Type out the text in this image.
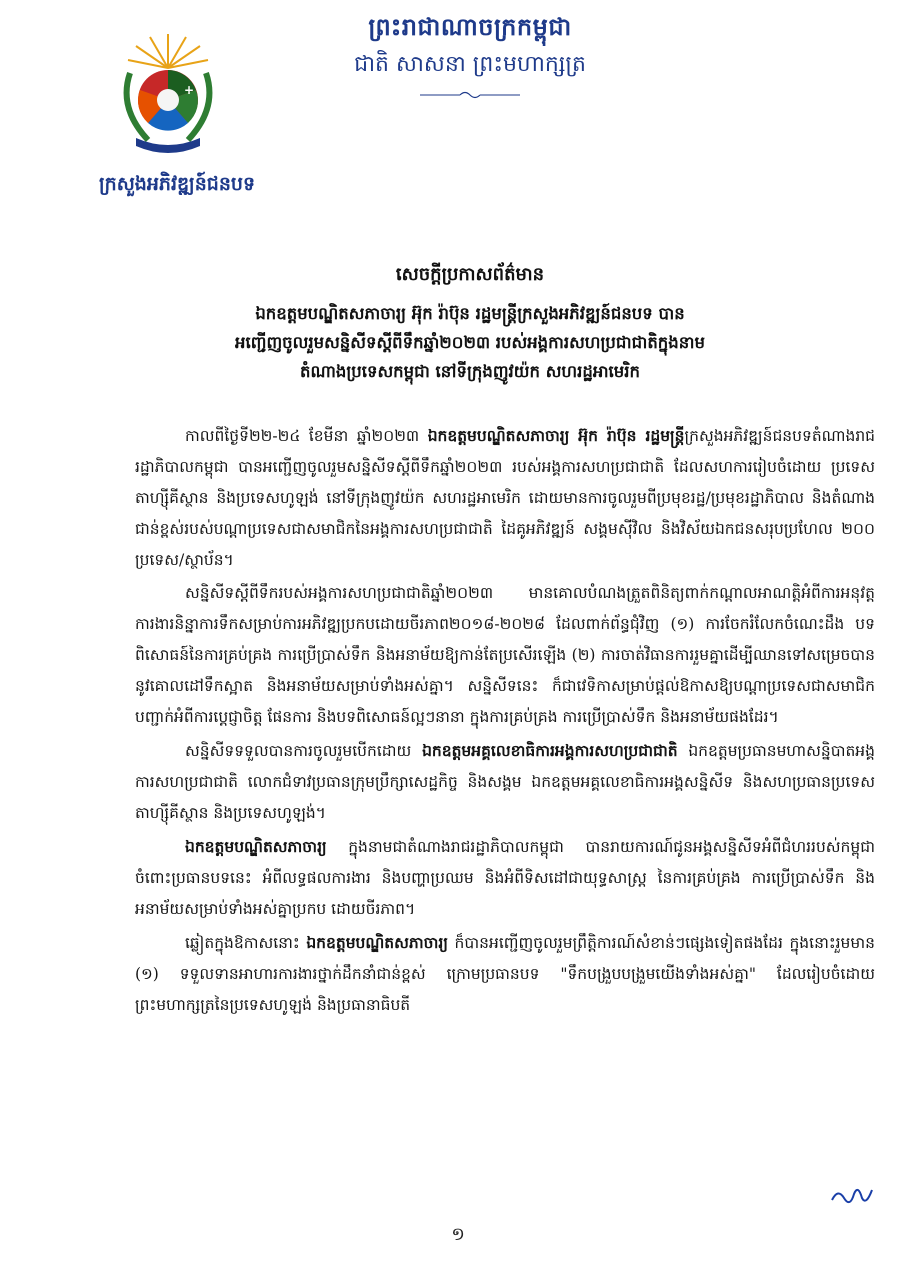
+
ព្រះរាជាណាចក្រកម្ពុជា
ជាតិ សាសនា ព្រះមហាក្សត្រ
ក្រសួងអភិវឌ្ឍន៍ជនបទ
សេចក្តីប្រកាសព័ត៌មាន
ឯកឧត្តមបណ្ឌិតសភាចារ្យ អ៊ុក រ៉ាប៊ុន រដ្ឋមន្ត្រីក្រសួងអភិវឌ្ឍន៍ជនបទ បាន
អញ្ជើញចូលរួមសន្និសីទស្តីពីទឹកឆ្នាំ២០២៣ របស់អង្គការសហប្រជាជាតិក្នុងនាម
តំណាងប្រទេសកម្ពុជា នៅទីក្រុងញូវយ៉ក សហរដ្ឋអាមេរិក

កាលពីថ្ងៃទី២២-២៤ ខែមីនា ឆ្នាំ២០២៣ ឯកឧត្តមបណ្ឌិតសភាចារ្យ អ៊ុក រ៉ាប៊ុន រដ្ឋមន្ត្រីក្រសួងអភិវឌ្ឍន៍ជនបទតំណាងរាជរដ្ឋាភិបាលកម្ពុជា បានអញ្ជើញចូលរួមសន្និសីទស្តីពីទឹកឆ្នាំ២០២៣ របស់អង្គការសហប្រជាជាតិ ដែលសហការរៀបចំដោយ ប្រទេសតាហ្ស៊ីគីស្ថាន និងប្រទេសហូឡង់ នៅទីក្រុងញូវយ៉ក សហរដ្ឋអាមេរិក ដោយមានការចូលរួមពីប្រមុខរដ្ឋ/ប្រមុខរដ្ឋាភិបាល និងតំណាងជាន់ខ្ពស់របស់បណ្តាប្រទេសជាសមាជិកនៃអង្គការសហប្រជាជាតិ ដៃគូអភិវឌ្ឍន៍ សង្គមស៊ីវិល និងវិស័យឯកជនសរុបប្រហែល ២០០ ប្រទេស/ស្ថាប័ន។

សន្និសីទស្តីពីទឹករបស់អង្គការសហប្រជាជាតិឆ្នាំ២០២៣ មានគោលបំណងត្រួតពិនិត្យពាក់កណ្តាលអាណត្តិអំពីការអនុវត្តការងារនិន្នាការទឹកសម្រាប់ការអភិវឌ្ឍប្រកបដោយចីរភាព២០១៨-២០២៨ ដែលពាក់ព័ន្ធជុំវិញ (១) ការចែករំលែកចំណេះដឹង បទពិសោធន៍នៃការគ្រប់គ្រង ការប្រើប្រាស់ទឹក និងអនាម័យឱ្យកាន់តែប្រសើរឡើង (២) ការចាត់វិធានការរួមគ្នាដើម្បីឈានទៅសម្រេចបាននូវគោលដៅទឹកស្អាត និងអនាម័យសម្រាប់ទាំងអស់គ្នា។ សន្និសីទនេះ ក៏ជាវេទិកាសម្រាប់ផ្តល់ឱកាសឱ្យបណ្តាប្រទេសជាសមាជិកបញ្ជាក់អំពីការប្តេជ្ញាចិត្ត ផែនការ និងបទពិសោធន៍ល្អៗនានា ក្នុងការគ្រប់គ្រង ការប្រើប្រាស់ទឹក និងអនាម័យផងដែរ។

សន្និសីទទទួលបានការចូលរួមបើកដោយ ឯកឧត្តមអគ្គលេខាធិការអង្គការសហប្រជាជាតិ ឯកឧត្តមប្រធានមហាសន្និបាតអង្គការសហប្រជាជាតិ លោកជំទាវប្រធានក្រុមប្រឹក្សាសេដ្ឋកិច្ច និងសង្គម ឯកឧត្តមអគ្គលេខាធិការអង្គសន្និសីទ និងសហប្រធានប្រទេសតាហ្ស៊ីគីស្ថាន និងប្រទេសហូឡង់។

ឯកឧត្តមបណ្ឌិតសភាចារ្យ ក្នុងនាមជាតំណាងរាជរដ្ឋាភិបាលកម្ពុជា បានរាយការណ៍ជូនអង្គសន្និសីទអំពីជំហររបស់កម្ពុជាចំពោះប្រធានបទនេះ អំពីលទ្ធផលការងារ និងបញ្ហាប្រឈម និងអំពីទិសដៅជាយុទ្ធសាស្ត្រ នៃការគ្រប់គ្រង ការប្រើប្រាស់ទឹក និងអនាម័យសម្រាប់ទាំងអស់គ្នាប្រកប ដោយចីរភាព។

ឆ្លៀតក្នុងឱកាសនោះ ឯកឧត្តមបណ្ឌិតសភាចារ្យ ក៏បានអញ្ជើញចូលរួមព្រឹត្តិការណ៍សំខាន់ៗផ្សេងទៀតផងដែរ ក្នុងនោះរួមមាន (១) ទទួលទានអាហារការងារថ្នាក់ដឹកនាំជាន់ខ្ពស់ ក្រោមប្រធានបទ "ទឹកបង្រួបបង្រួមយើងទាំងអស់គ្នា" ដែលរៀបចំដោយព្រះមហាក្សត្រនៃប្រទេសហូឡង់ និងប្រធានាធិបតី

១
